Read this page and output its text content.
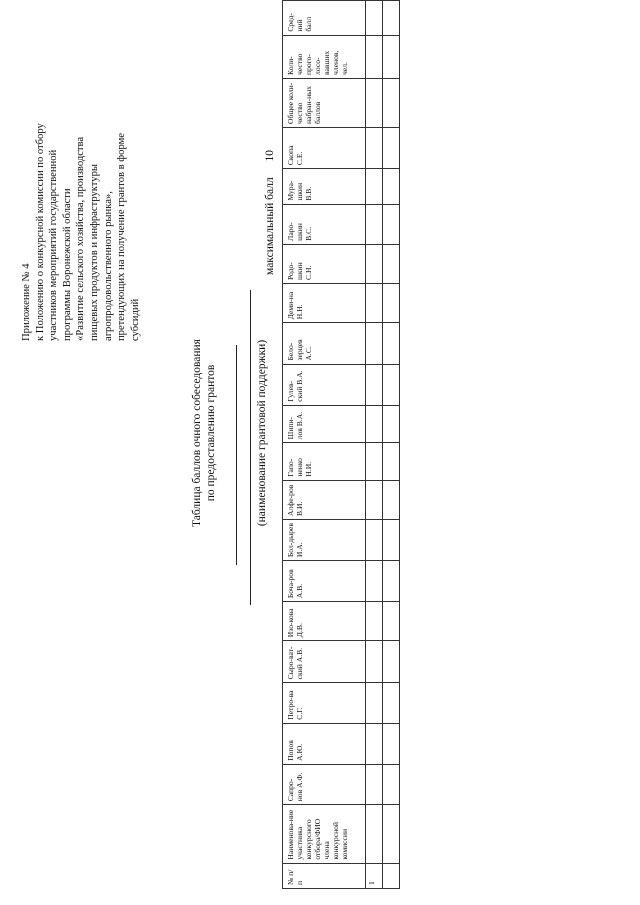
Приложение № 4 к Положению о конкурсной комиссии по отбору участников мероприятий государственной программы Воронежской области «Развитие сельского хозяйства, производства пищевых продуктов и инфраструктуры агропродовольственного рынка», претендующих на получение грантов в форме субсидий
Таблица баллов очного собеседования по предоставлению грантов	(наименование грантовой поддержки)
максимальный балл  10
№ п/п	Наименова-ние участника конкурсного отбора/ФИО члена конкурсной комиссии	Сапро-нов А.Ф.	Попов А.Ю.	Петро-ва С.Г.	Сыро-ват-ский А.В.	Изо-кова Д.В.	Боча-ров А.В.	Бол-дырев И.А.	Алфе-ров В.И.	Гапо-ненко Н.И.	Шипи-лов В.А.	Гулев-ский В.А.	Бело-зерцев А.С.	Деми-на Н.Н.	Родо-шкин С.Н.	Ларо-шкин В.С.	Мура-шкин В.В.	Скопа С.Е.	Общее коли-чество набран-ных баллов	Коли-чество прого-лосо-вавших членов, чел.	Сред-ний балл
1																					
